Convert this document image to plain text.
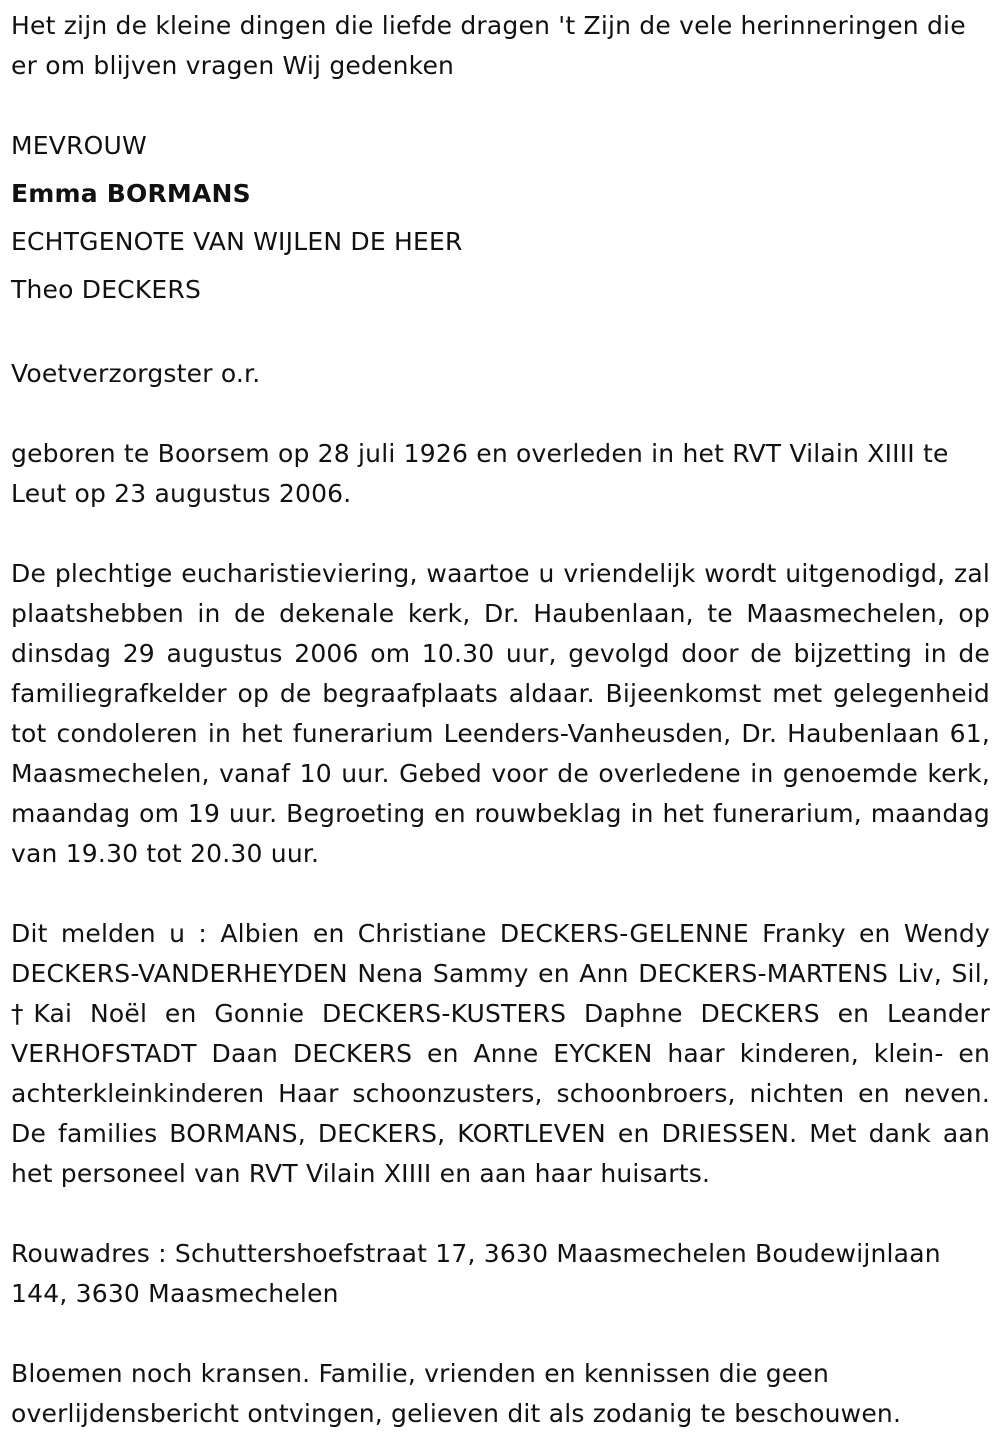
Het zijn de kleine dingen die liefde dragen 't Zijn de vele herinneringen die er om blijven vragen Wij gedenken

MEVROUW
Emma BORMANS
ECHTGENOTE VAN WIJLEN DE HEER
Theo DECKERS

Voetverzorgster o.r.

geboren te Boorsem op 28 juli 1926 en overleden in het RVT Vilain XIIII te Leut op 23 augustus 2006.

De plechtige eucharistieviering, waartoe u vriendelijk wordt uitgenodigd, zal plaatshebben in de dekenale kerk, Dr. Haubenlaan, te Maasmechelen, op dinsdag 29 augustus 2006 om 10.30 uur, gevolgd door de bijzetting in de familiegrafkelder op de begraafplaats aldaar. Bijeenkomst met gelegenheid tot condoleren in het funerarium Leenders-Vanheusden, Dr. Haubenlaan 61, Maasmechelen, vanaf 10 uur. Gebed voor de overledene in genoemde kerk, maandag om 19 uur. Begroeting en rouwbeklag in het funerarium, maandag van 19.30 tot 20.30 uur.

Dit melden u : Albien en Christiane DECKERS-GELENNE Franky en Wendy DECKERS-VANDERHEYDEN Nena Sammy en Ann DECKERS-MARTENS Liv, Sil, †Kai Noël en Gonnie DECKERS-KUSTERS Daphne DECKERS en Leander VERHOFSTADT Daan DECKERS en Anne EYCKEN haar kinderen, klein- en achterkleinkinderen Haar schoonzusters, schoonbroers, nichten en neven. De families BORMANS, DECKERS, KORTLEVEN en DRIESSEN. Met dank aan het personeel van RVT Vilain XIIII en aan haar huisarts.

Rouwadres : Schuttershoefstraat 17, 3630 Maasmechelen Boudewijnlaan 144, 3630 Maasmechelen

Bloemen noch kransen. Familie, vrienden en kennissen die geen overlijdensbericht ontvingen, gelieven dit als zodanig te beschouwen.
